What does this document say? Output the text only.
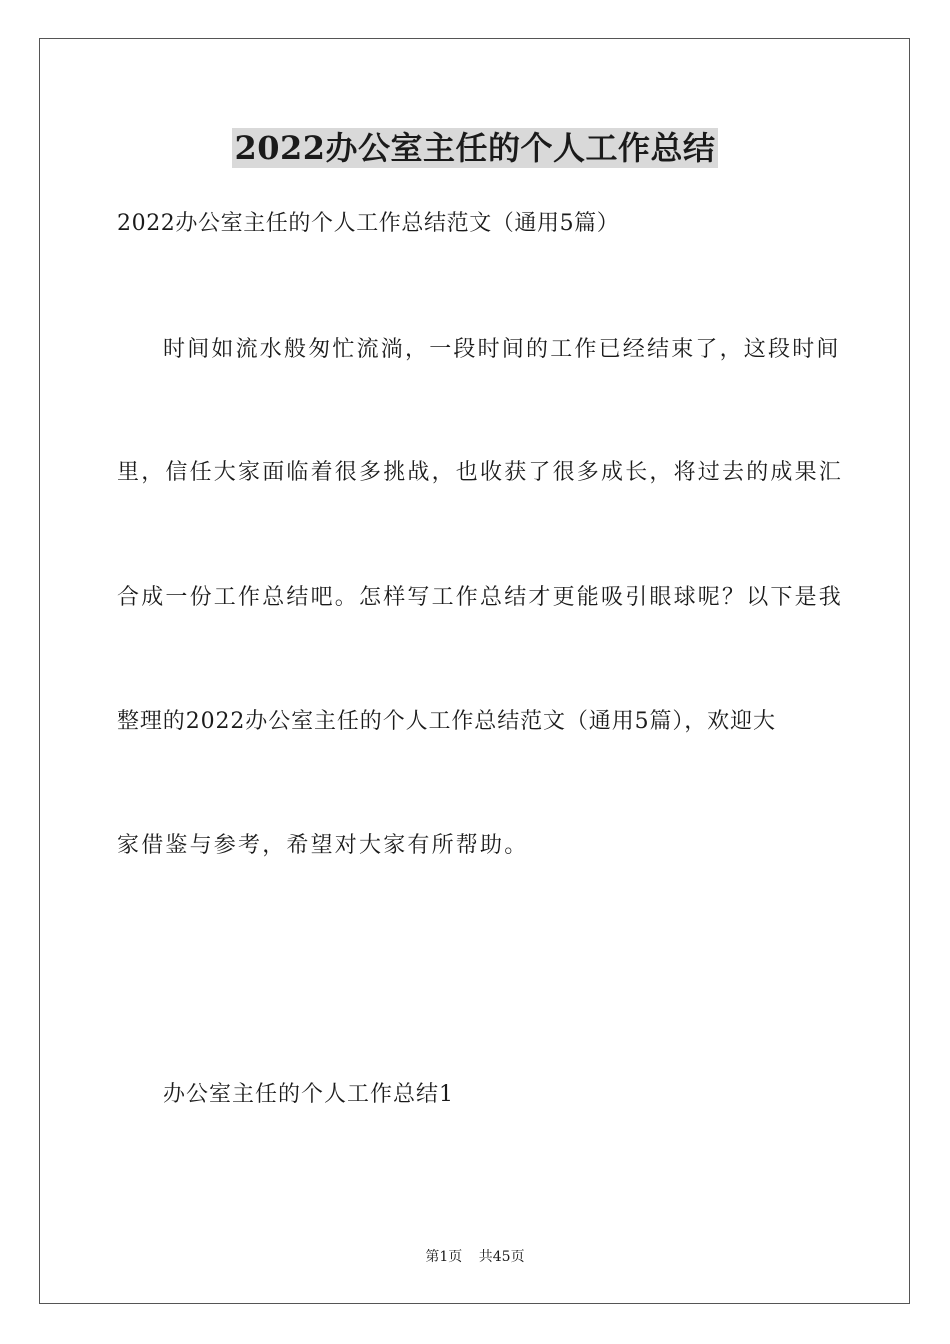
2022办公室主任的个人工作总结
2022办公室主任的个人工作总结范文（通用5篇）
时间如流水般匆忙流淌，一段时间的工作已经结束了，这段时间
里，信任大家面临着很多挑战，也收获了很多成长，将过去的成果汇
合成一份工作总结吧。怎样写工作总结才更能吸引眼球呢？以下是我
整理的2022办公室主任的个人工作总结范文（通用5篇），欢迎大
家借鉴与参考，希望对大家有所帮助。
办公室主任的个人工作总结1
第1页 共45页
